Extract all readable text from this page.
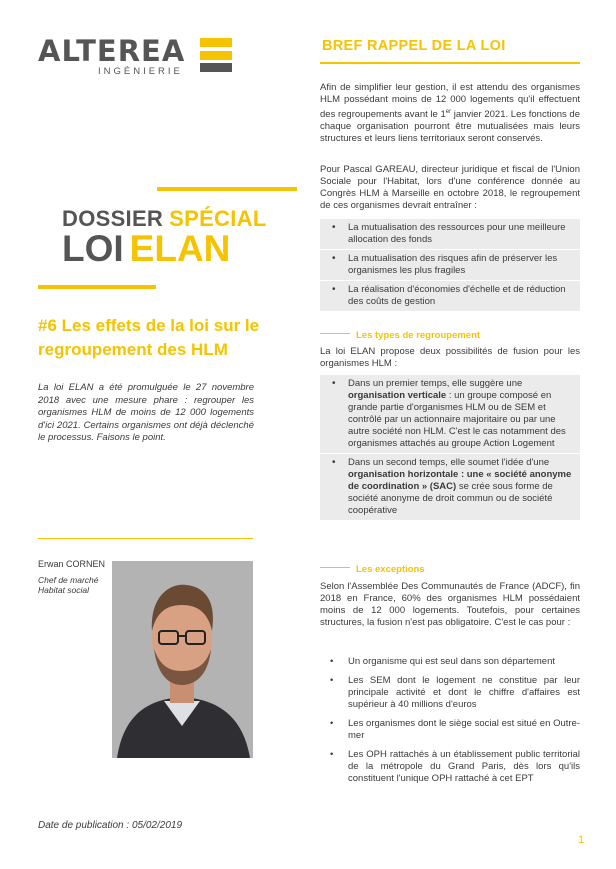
ALTEREA
INGÉNIERIE
DOSSIER SPÉCIAL
LOI ELAN
#6 Les effets de la loi sur le regroupement des HLM
La loi ELAN a été promulguée le 27 novembre 2018 avec une mesure phare : regrouper les organismes HLM de moins de 12 000 logements d'ici 2021. Certains organismes ont déjà déclenché le processus. Faisons le point.
Erwan CORNEN
Chef de marché Habitat social
Date de publication : 05/02/2019
BREF RAPPEL DE LA LOI

Afin de simplifier leur gestion, il est attendu des organismes HLM possédant moins de 12 000 logements qu'il effectuent des regroupements avant le 1er janvier 2021. Les fonctions de chaque organisation pourront être mutualisées mais leurs structures et leurs liens territoriaux seront conservés.

Pour Pascal GAREAU, directeur juridique et fiscal de l'Union Sociale pour l'Habitat, lors d'une conférence donnée au Congrès HLM à Marseille en octobre 2018, le regroupement de ces organismes devrait entraîner :

• La mutualisation des ressources pour une meilleure allocation des fonds
• La mutualisation des risques afin de préserver les organismes les plus fragiles
• La réalisation d'économies d'échelle et de réduction des coûts de gestion
Les types de regroupement

La loi ELAN propose deux possibilités de fusion pour les organismes HLM :

• Dans un premier temps, elle suggère une organisation verticale : un groupe composé en grande partie d'organismes HLM ou de SEM et contrôlé par un actionnaire majoritaire ou par une autre société non HLM. C'est le cas notamment des organismes attachés au groupe Action Logement
• Dans un second temps, elle soumet l'idée d'une organisation horizontale : une « société anonyme de coordination » (SAC) se crée sous forme de société anonyme de droit commun ou de société coopérative
Les exceptions

Selon l'Assemblée Des Communautés de France (ADCF), fin 2018 en France, 60% des organismes HLM possédaient moins de 12 000 logements. Toutefois, pour certaines structures, la fusion n'est pas obligatoire. C'est le cas pour :

• Un organisme qui est seul dans son département
• Les SEM dont le logement ne constitue par leur principale activité et dont le chiffre d'affaires est supérieur à 40 millions d'euros
• Les organismes dont le siège social est situé en Outre-mer
• Les OPH rattachés à un établissement public territorial de la métropole du Grand Paris, dès lors qu'ils constituent l'unique OPH rattaché à cet EPT
1
